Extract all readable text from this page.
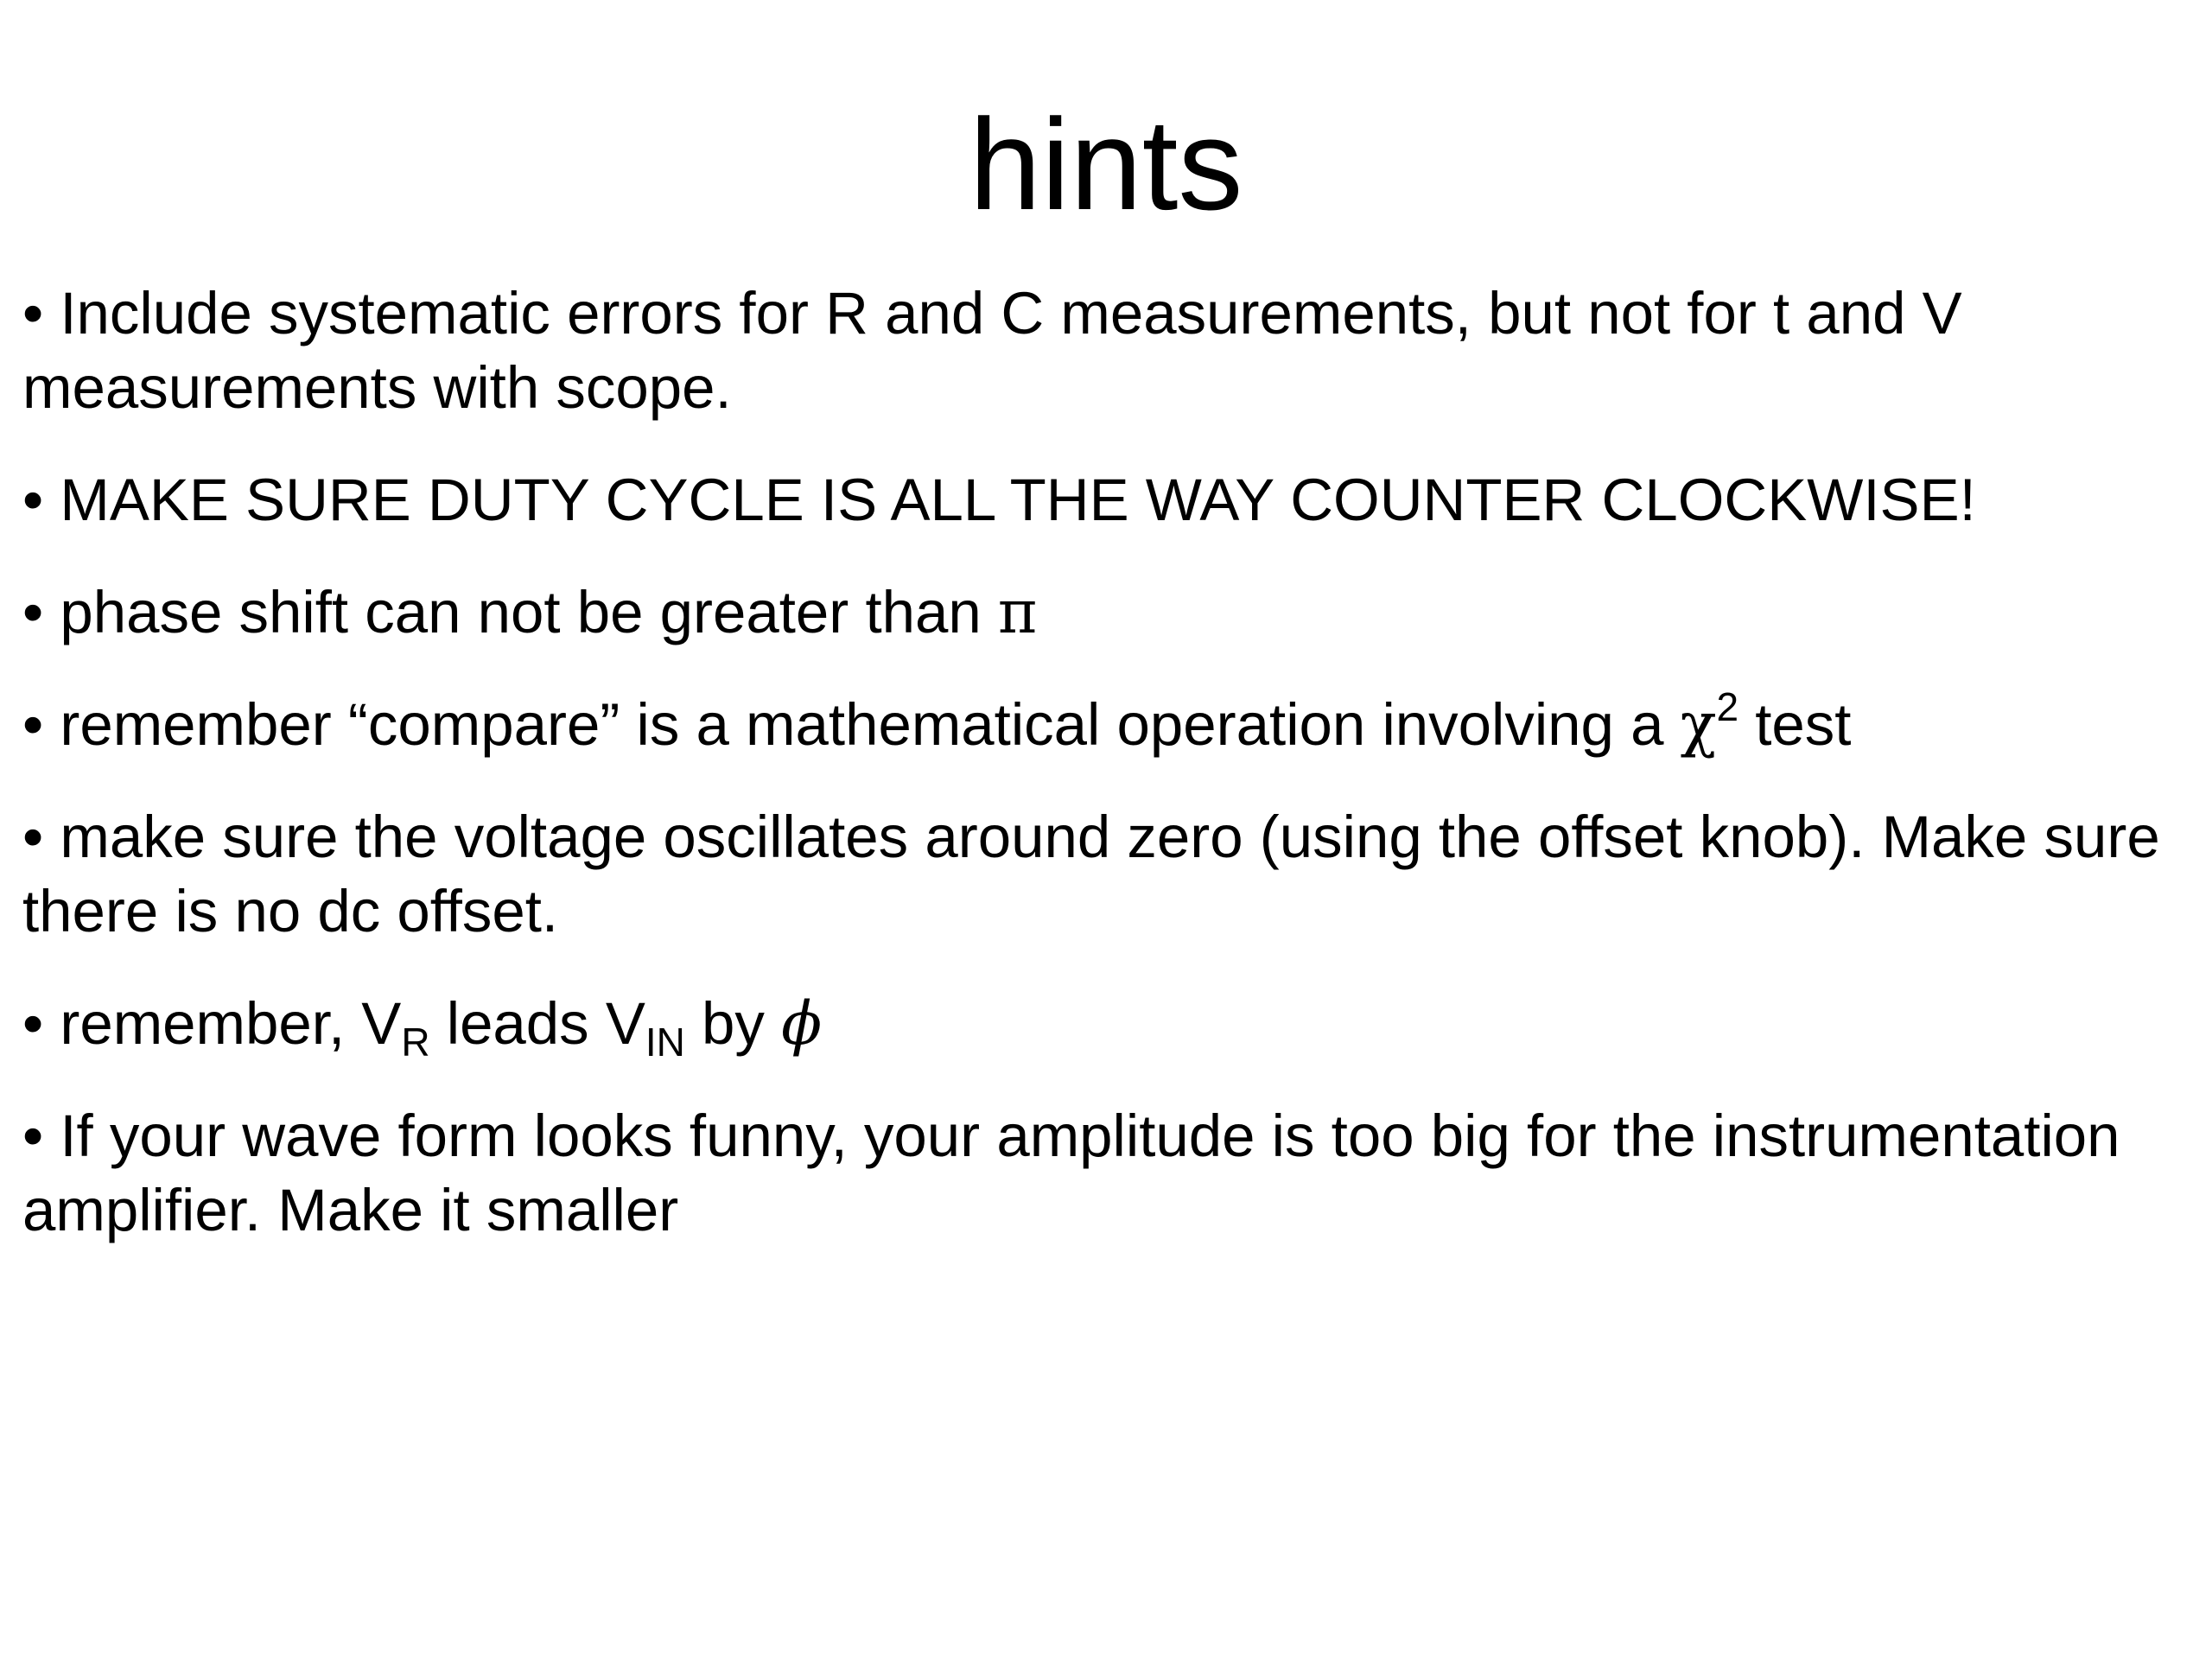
hints
• Include systematic errors for R and C measurements, but not for t and V measurements with scope.
• MAKE SURE DUTY CYCLE IS ALL THE WAY COUNTER CLOCKWISE!
• phase shift can not be greater than π
• remember “compare” is a mathematical operation involving a $\chi^2$ test
• make sure the voltage oscillates around zero (using the offset knob). Make sure there is no dc offset.
• remember, $V_R$ leads $V_{IN}$ by ϕ
• If your wave form looks funny, your amplitude is too big for the instrumentation amplifier. Make it smaller
